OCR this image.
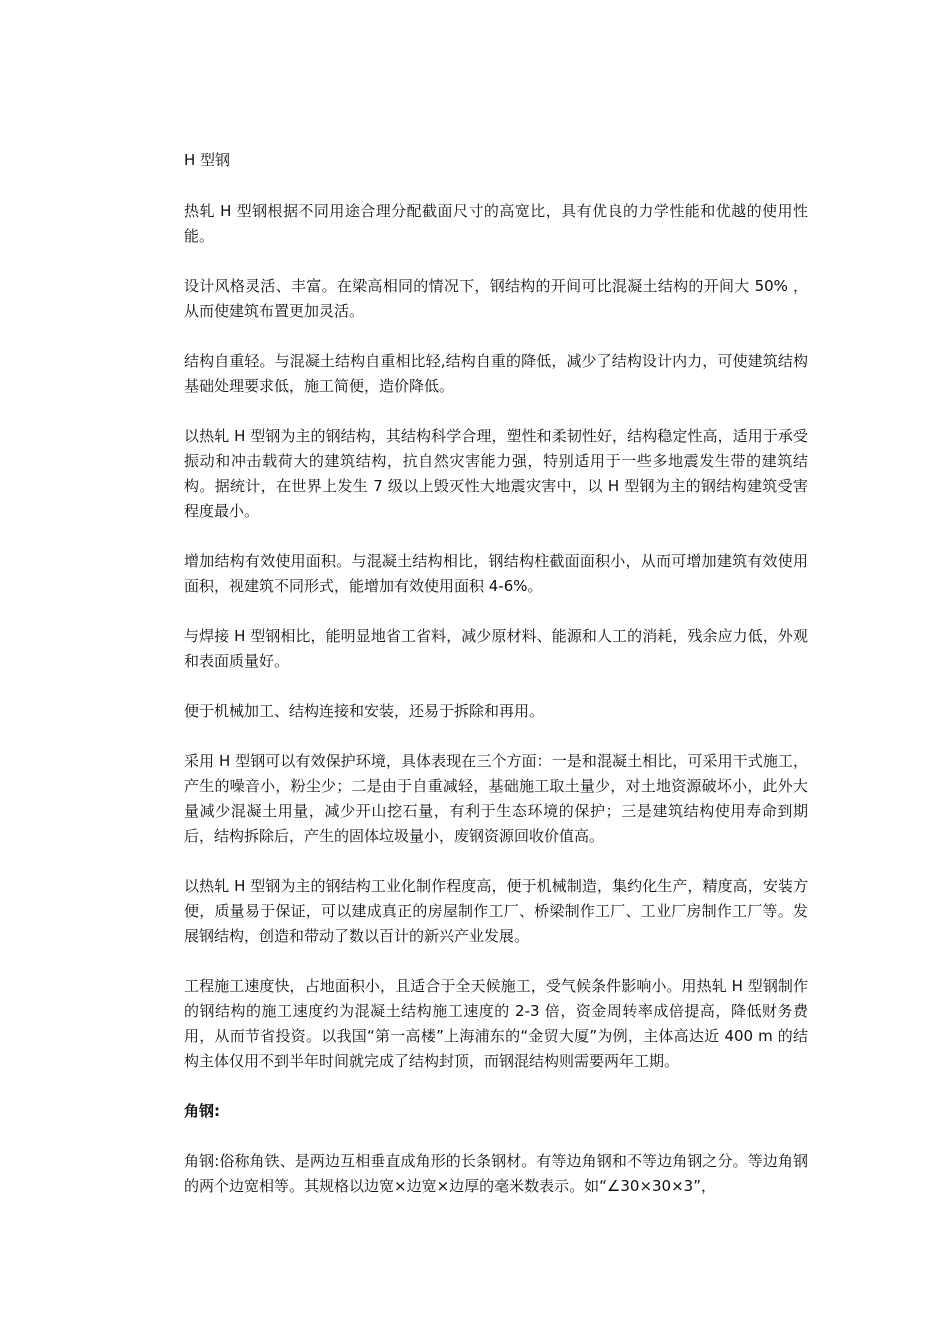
H 型钢

热轧 H 型钢根据不同用途合理分配截面尺寸的高宽比，具有优良的力学性能和优越的使用性能。

设计风格灵活、丰富。在梁高相同的情况下，钢结构的开间可比混凝土结构的开间大 50% ，从而使建筑布置更加灵活。

结构自重轻。与混凝土结构自重相比轻,结构自重的降低，减少了结构设计内力，可使建筑结构基础处理要求低，施工简便，造价降低。

以热轧 H 型钢为主的钢结构，其结构科学合理，塑性和柔韧性好，结构稳定性高，适用于承受振动和冲击载荷大的建筑结构，抗自然灾害能力强，特别适用于一些多地震发生带的建筑结构。据统计，在世界上发生 7 级以上毁灭性大地震灾害中，以 H 型钢为主的钢结构建筑受害程度最小。

增加结构有效使用面积。与混凝土结构相比，钢结构柱截面面积小，从而可增加建筑有效使用面积，视建筑不同形式，能增加有效使用面积 4-6%。

与焊接 H 型钢相比，能明显地省工省料，减少原材料、能源和人工的消耗，残余应力低，外观和表面质量好。

便于机械加工、结构连接和安装，还易于拆除和再用。

采用 H 型钢可以有效保护环境，具体表现在三个方面：一是和混凝土相比，可采用干式施工，产生的噪音小，粉尘少；二是由于自重减轻，基础施工取土量少，对土地资源破坏小，此外大量减少混凝土用量，减少开山挖石量，有利于生态环境的保护；三是建筑结构使用寿命到期后，结构拆除后，产生的固体垃圾量小，废钢资源回收价值高。

以热轧 H 型钢为主的钢结构工业化制作程度高，便于机械制造，集约化生产，精度高，安装方便，质量易于保证，可以建成真正的房屋制作工厂、桥梁制作工厂、工业厂房制作工厂等。发展钢结构，创造和带动了数以百计的新兴产业发展。

工程施工速度快，占地面积小，且适合于全天候施工，受气候条件影响小。用热轧 H 型钢制作的钢结构的施工速度约为混凝土结构施工速度的 2-3 倍，资金周转率成倍提高，降低财务费用，从而节省投资。以我国“第一高楼”上海浦东的“金贸大厦”为例，主体高达近 400 m 的结构主体仅用不到半年时间就完成了结构封顶，而钢混结构则需要两年工期。

角钢:

角钢:俗称角铁、是两边互相垂直成角形的长条钢材。有等边角钢和不等边角钢之分。等边角钢的两个边宽相等。其规格以边宽×边宽×边厚的毫米数表示。如“∠30×30×3”，
